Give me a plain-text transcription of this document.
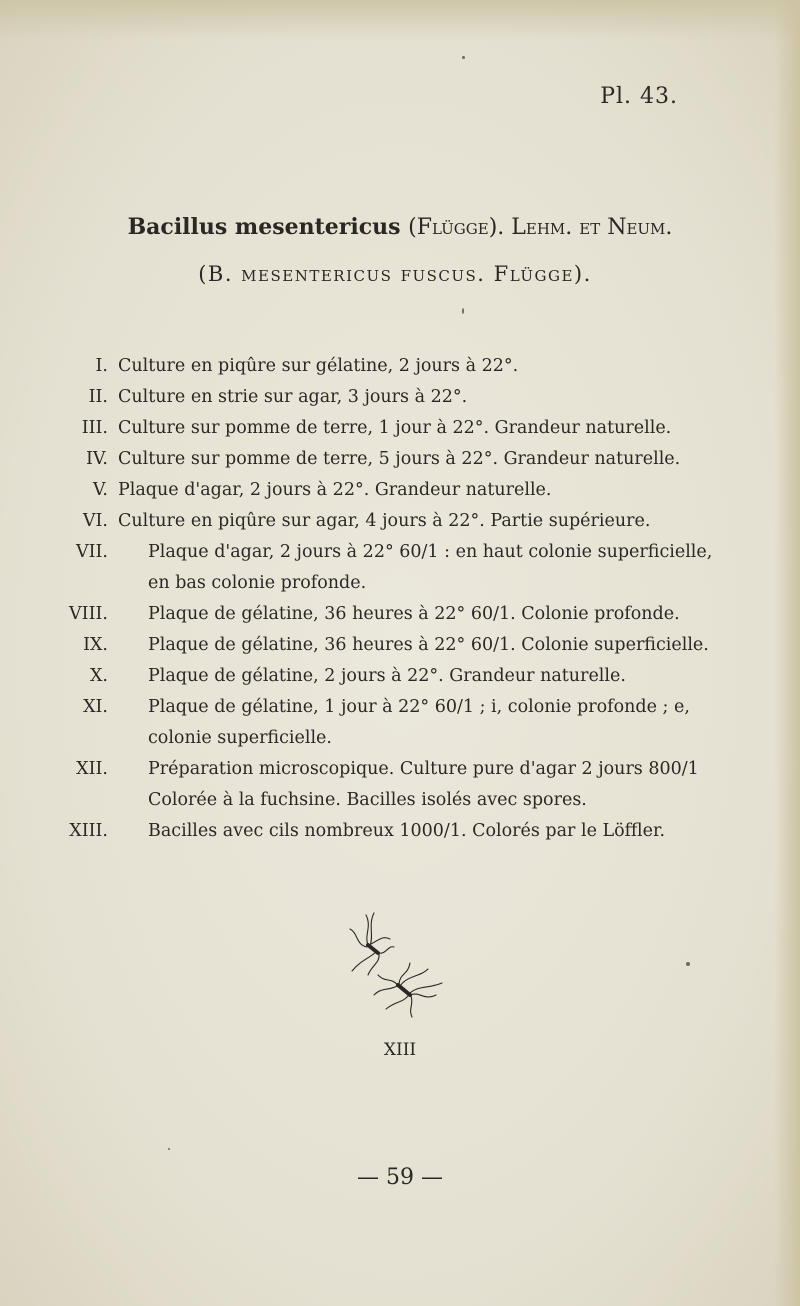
Pl. 43.
Bacillus mesentericus (Flügge). Lehm. et Neum.
(B. mesentericus fuscus. Flügge).
I. Culture en piqûre sur gélatine, 2 jours à 22°.
II. Culture en strie sur agar, 3 jours à 22°.
III. Culture sur pomme de terre, 1 jour à 22°. Grandeur naturelle.
IV. Culture sur pomme de terre, 5 jours à 22°. Grandeur naturelle.
V. Plaque d'agar, 2 jours à 22°. Grandeur naturelle.
VI. Culture en piqûre sur agar, 4 jours à 22°. Partie supérieure.
VII. Plaque d'agar, 2 jours à 22° 60/1 : en haut colonie superficielle,
en bas colonie profonde.
VIII. Plaque de gélatine, 36 heures à 22° 60/1. Colonie profonde.
IX. Plaque de gélatine, 36 heures à 22° 60/1. Colonie superficielle.
X. Plaque de gélatine, 2 jours à 22°. Grandeur naturelle.
XI. Plaque de gélatine, 1 jour à 22° 60/1 ; i, colonie profonde ; e,
colonie superficielle.
XII. Préparation microscopique. Culture pure d'agar 2 jours 800/1
Colorée à la fuchsine. Bacilles isolés avec spores.
XIII. Bacilles avec cils nombreux 1000/1. Colorés par le Löffler.
XIII
— 59 —
